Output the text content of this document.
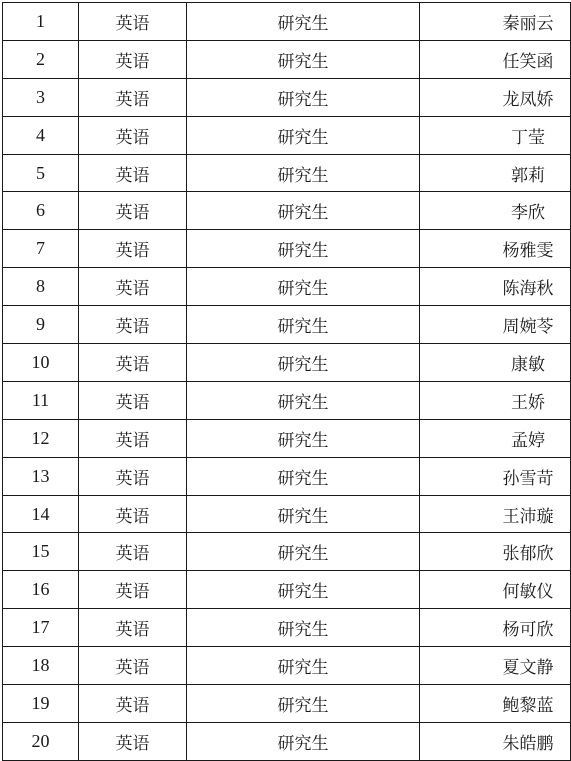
1	英语	研究生	秦丽云
2	英语	研究生	任笑函
3	英语	研究生	龙凤娇
4	英语	研究生	丁莹
5	英语	研究生	郭莉
6	英语	研究生	李欣
7	英语	研究生	杨雅雯
8	英语	研究生	陈海秋
9	英语	研究生	周婉苓
10	英语	研究生	康敏
11	英语	研究生	王娇
12	英语	研究生	孟婷
13	英语	研究生	孙雪苛
14	英语	研究生	王沛璇
15	英语	研究生	张郁欣
16	英语	研究生	何敏仪
17	英语	研究生	杨可欣
18	英语	研究生	夏文静
19	英语	研究生	鲍黎蓝
20	英语	研究生	朱皓鹏
